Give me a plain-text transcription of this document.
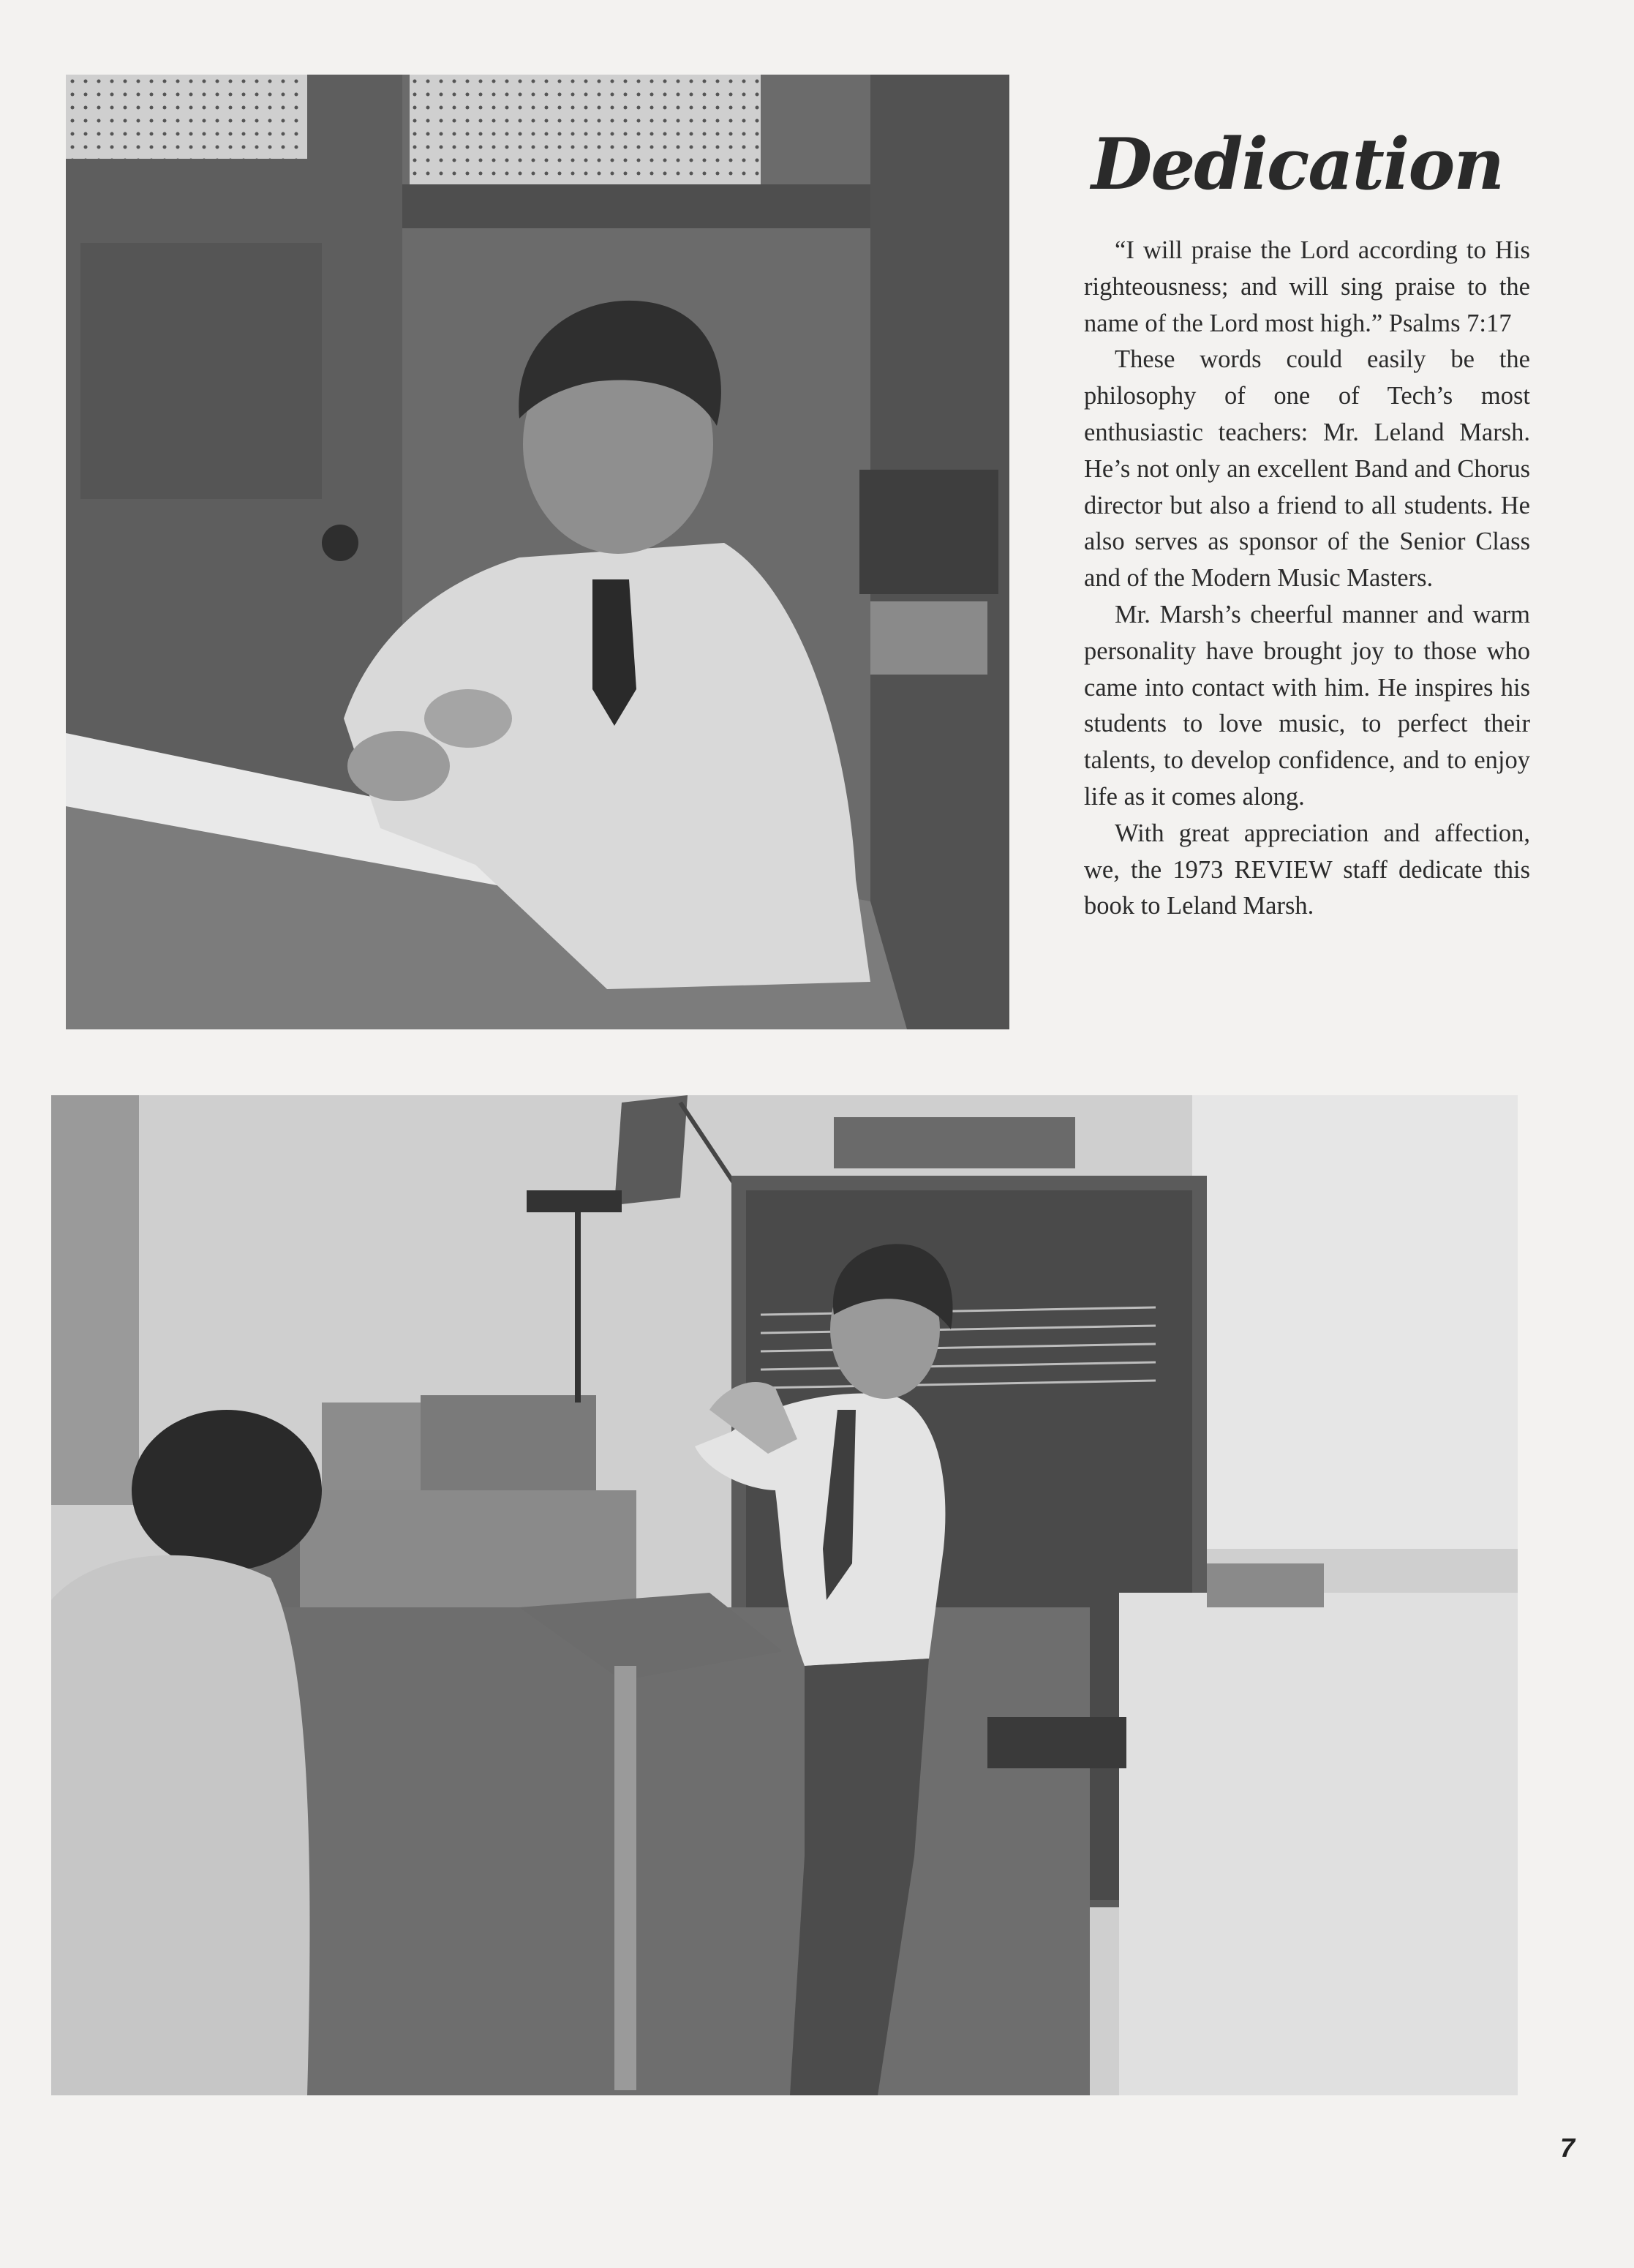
Dedication

“I will praise the Lord according to His righteousness; and will sing praise to the name of the Lord most high.” Psalms 7:17

These words could easily be the philosophy of one of Tech’s most enthusiastic teachers: Mr. Leland Marsh. He’s not only an excellent Band and Chorus director but also a friend to all students. He also serves as sponsor of the Senior Class and of the Modern Music Masters.

Mr. Marsh’s cheerful manner and warm personality have brought joy to those who came into contact with him. He inspires his students to love music, to perfect their talents, to develop confidence, and to enjoy life as it comes along.

With great appreciation and affection, we, the 1973 REVIEW staff dedicate this book to Leland Marsh.

7
